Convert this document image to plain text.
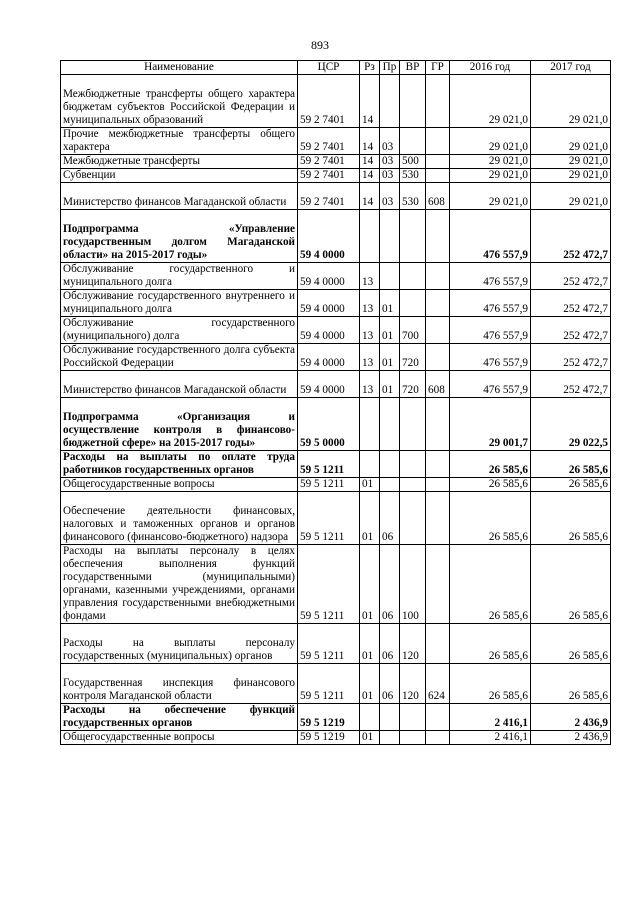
893
Наименование	ЦСР	Рз	Пр	ВР	ГР	2016 год	2017 год
Межбюджетные трансферты общего характера бюджетам субъектов Российской Федерации и муниципальных образований	59 2 7401	14				29 021,0	29 021,0
Прочие межбюджетные трансферты общего характера	59 2 7401	14	03			29 021,0	29 021,0
Межбюджетные трансферты	59 2 7401	14	03	500		29 021,0	29 021,0
Субвенции	59 2 7401	14	03	530		29 021,0	29 021,0
Министерство финансов Магаданской области	59 2 7401	14	03	530	608	29 021,0	29 021,0
Подпрограмма «Управление государственным долгом Магаданской области» на 2015-2017 годы»	59 4 0000					476 557,9	252 472,7
Обслуживание государственного и муниципального долга	59 4 0000	13				476 557,9	252 472,7
Обслуживание государственного внутреннего и муниципального долга	59 4 0000	13	01			476 557,9	252 472,7
Обслуживание государственного (муниципального) долга	59 4 0000	13	01	700		476 557,9	252 472,7
Обслуживание государственного долга субъекта Российской Федерации	59 4 0000	13	01	720		476 557,9	252 472,7
Министерство финансов Магаданской области	59 4 0000	13	01	720	608	476 557,9	252 472,7
Подпрограмма «Организация и осуществление контроля в финансово-бюджетной сфере» на 2015-2017 годы»	59 5 0000					29 001,7	29 022,5
Расходы на выплаты по оплате труда работников государственных органов	59 5 1211					26 585,6	26 585,6
Общегосударственные вопросы	59 5 1211	01				26 585,6	26 585,6
Обеспечение деятельности финансовых, налоговых и таможенных органов и органов финансового (финансово-бюджетного) надзора	59 5 1211	01	06			26 585,6	26 585,6
Расходы на выплаты персоналу в целях обеспечения выполнения функций государственными (муниципальными) органами, казенными учреждениями, органами управления государственными внебюджетными фондами	59 5 1211	01	06	100		26 585,6	26 585,6
Расходы на выплаты персоналу государственных (муниципальных) органов	59 5 1211	01	06	120		26 585,6	26 585,6
Государственная инспекция финансового контроля Магаданской области	59 5 1211	01	06	120	624	26 585,6	26 585,6
Расходы на обеспечение функций государственных органов	59 5 1219					2 416,1	2 436,9
Общегосударственные вопросы	59 5 1219	01				2 416,1	2 436,9
